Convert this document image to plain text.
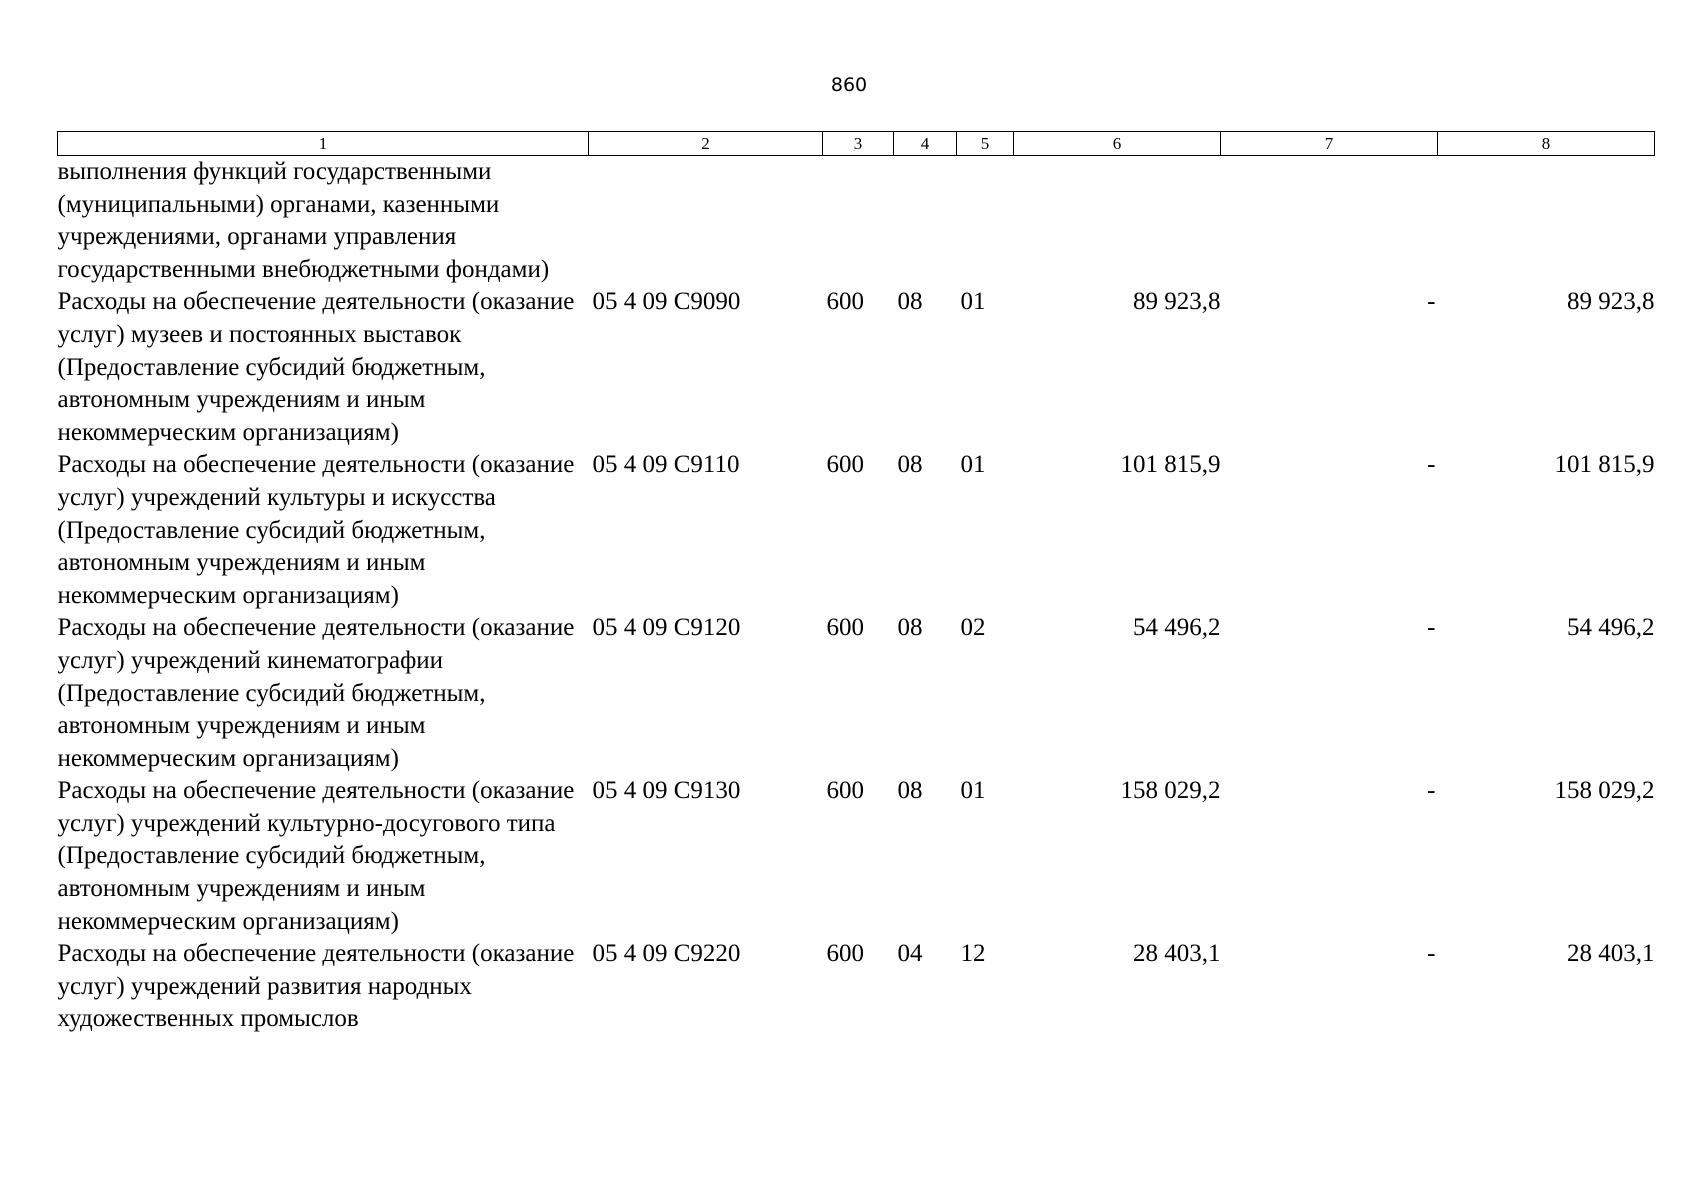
860
1	2	3	4	5	6	7	8
выполнения функций государственными (муниципальными) органами, казенными учреждениями, органами управления государственными внебюджетными фондами)							
Расходы на обеспечение деятельности (оказание услуг) музеев и постоянных выставок (Предоставление субсидий бюджетным, автономным учреждениям и иным некоммерческим организациям)	05 4 09 С9090	600	08	01	89 923,8	-	89 923,8
Расходы на обеспечение деятельности (оказание услуг) учреждений культуры и искусства (Предоставление субсидий бюджетным, автономным учреждениям и иным некоммерческим организациям)	05 4 09 С9110	600	08	01	101 815,9	-	101 815,9
Расходы на обеспечение деятельности (оказание услуг) учреждений кинематографии (Предоставление субсидий бюджетным, автономным учреждениям и иным некоммерческим организациям)	05 4 09 С9120	600	08	02	54 496,2	-	54 496,2
Расходы на обеспечение деятельности (оказание услуг) учреждений культурно-досугового типа (Предоставление субсидий бюджетным, автономным учреждениям и иным некоммерческим организациям)	05 4 09 С9130	600	08	01	158 029,2	-	158 029,2
Расходы на обеспечение деятельности (оказание услуг) учреждений развития народных художественных промыслов	05 4 09 С9220	600	04	12	28 403,1	-	28 403,1
